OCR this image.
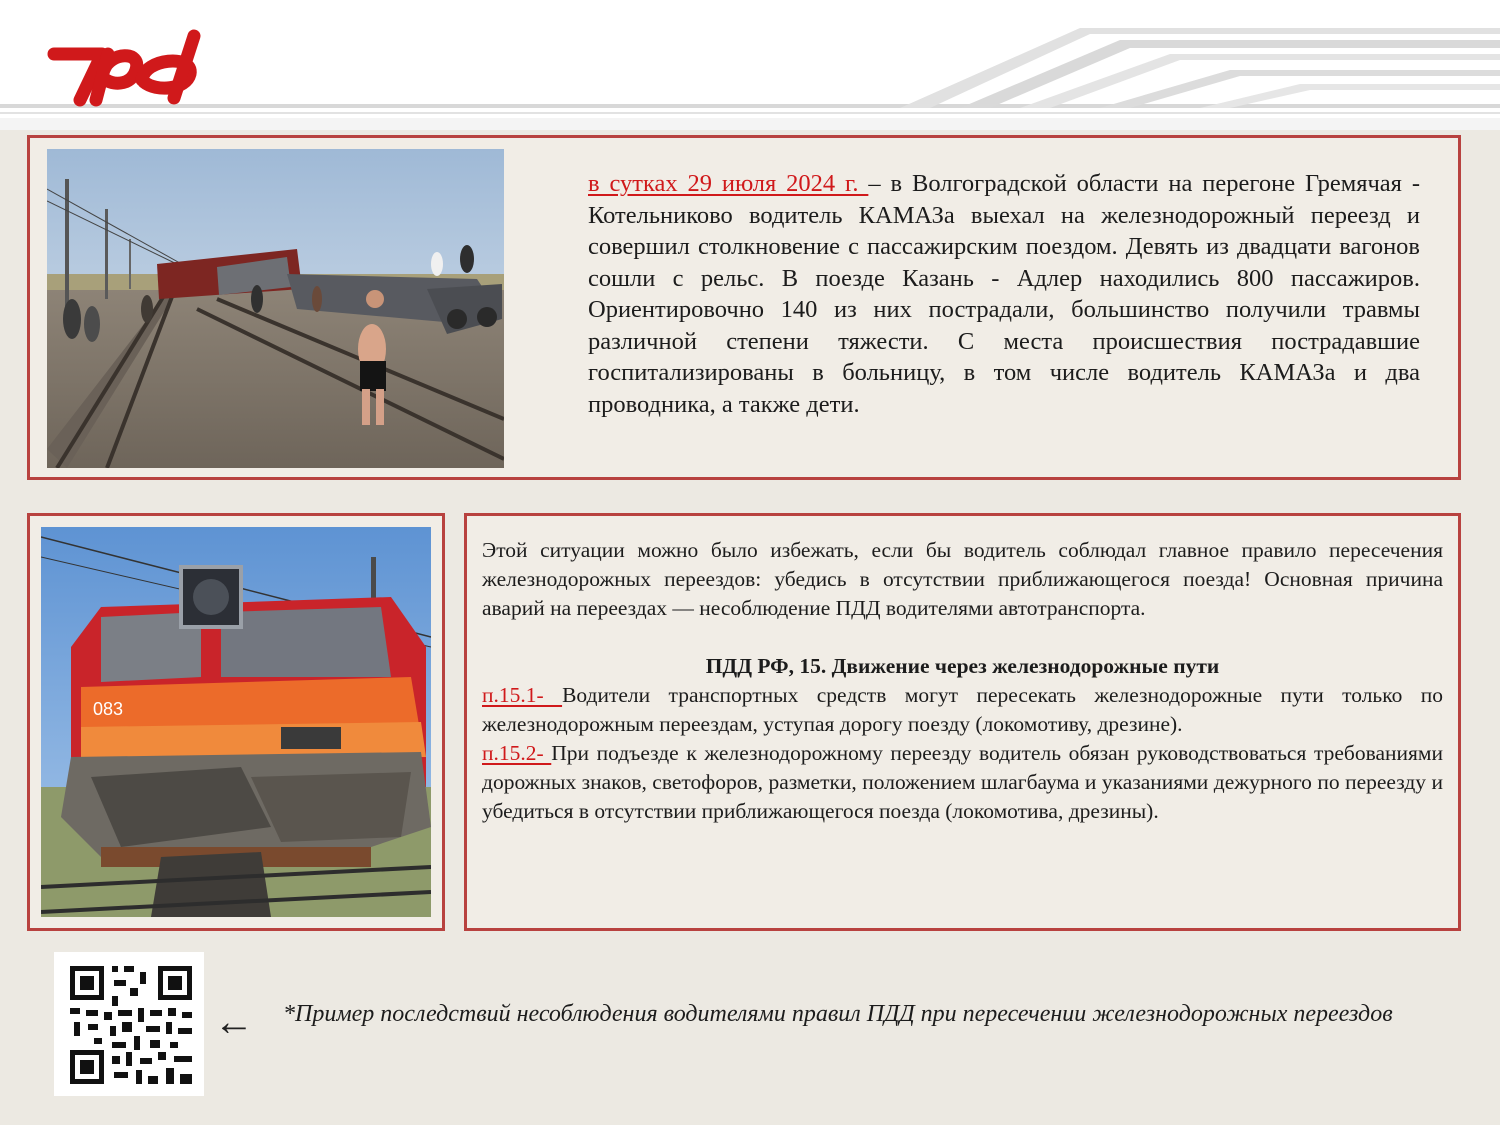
в сутках 29 июля 2024 г. – в Волгоградской области на перегоне Гремячая - Котельниково водитель КАМАЗа выехал на железнодорожный переезд и совершил столкновение с пассажирским поездом. Девять из двадцати вагонов сошли с рельс. В поезде Казань - Адлер находились 800 пассажиров. Ориентировочно 140 из них пострадали, большинство получили травмы различной степени тяжести. С места происшествия пострадавшие госпитализированы в больницу, в том числе водитель КАМАЗа и два проводника, а также дети.
083

Этой ситуации можно было избежать, если бы водитель соблюдал главное правило пересечения железнодорожных переездов: убедись в отсутствии приближающегося поезда! Основная причина аварий на переездах — несоблюдение ПДД водителями автотранспорта.

ПДД РФ, 15. Движение через железнодорожные пути

п.15.1- Водители транспортных средств могут пересекать железнодорожные пути только по железнодорожным переездам, уступая дорогу поезду (локомотиву, дрезине).

п.15.2- При подъезде к железнодорожному переезду водитель обязан руководствоваться требованиями дорожных знаков, светофоров, разметки, положением шлагбаума и указаниями дежурного по переезду и убедиться в отсутствии приближающегося поезда (локомотива, дрезины).

← *Пример последствий несоблюдения водителями правил ПДД при пересечении железнодорожных переездов
